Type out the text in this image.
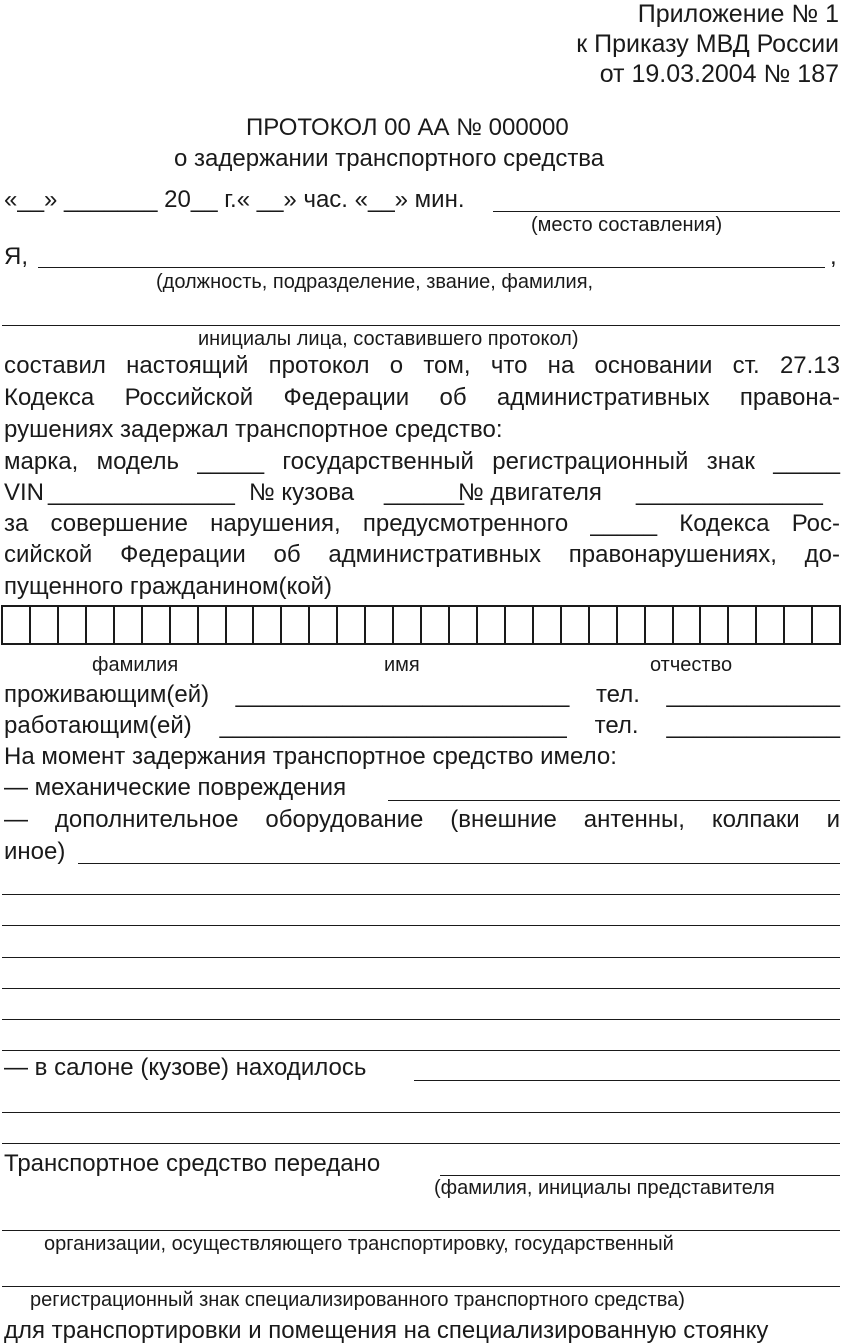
Приложение № 1
к Приказу МВД России
от 19.03.2004 № 187
ПРОТОКОЛ 00 АА № 000000
о задержании транспортного средства
«__» _______ 20__ г.« __» час. «__» мин.
(место составления)
Я,	,
(должность, подразделение, звание, фамилия,
инициалы лица, составившего протокол)
составил настоящий протокол о том, что на основании ст. 27.13
Кодекса Российской Федерации об административных правона-
рушениях задержал транспортное средство:
марка, модель _____ государственный регистрационный знак _____
VIN ______________ № кузова ______
№ двигателя ______________
за совершение нарушения, предусмотренного _____ Кодекса Рос-
сийской Федерации об административных правонарушениях, до-
пущенного гражданином(кой)
фамилия	имя	отчество
проживающим(ей) _________________________ тел. _____________
работающим(ей) __________________________ тел. _____________
На момент задержания транспортное средство имело:
— механические повреждения
— дополнительное оборудование (внешние антенны, колпаки и
иное)
— в салоне (кузове) находилось
Транспортное средство передано
(фамилия, инициалы представителя
организации, осуществляющего транспортировку, государственный
регистрационный знак специализированного транспортного средства)
для транспортировки и помещения на специализированную стоянку
